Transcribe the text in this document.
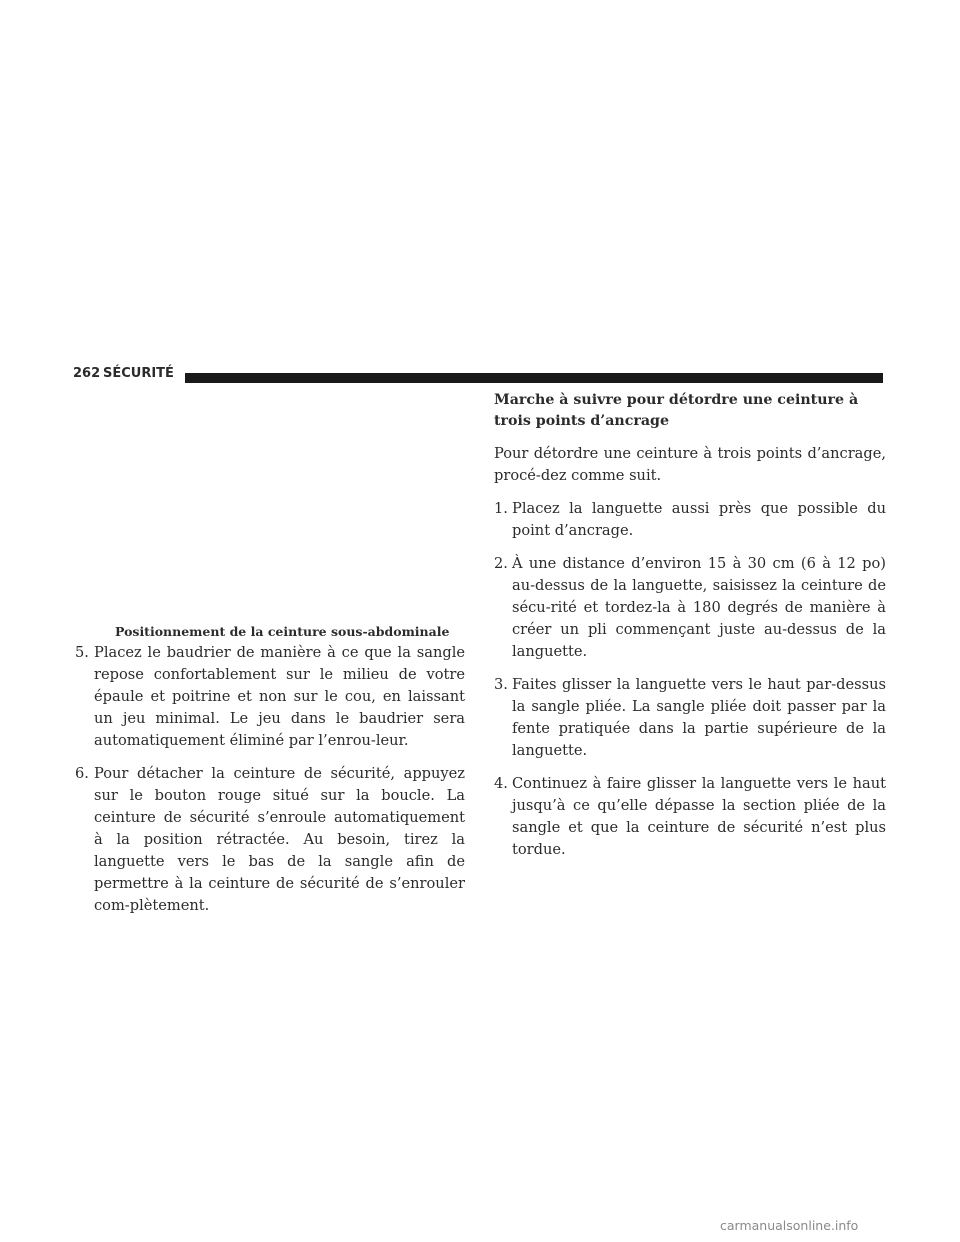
262 SÉCURITÉ
Positionnement de la ceinture sous-abdominale
5. Placez le baudrier de manière à ce que la sangle repose confortablement sur le milieu de votre épaule et poitrine et non sur le cou, en laissant un jeu minimal. Le jeu dans le baudrier sera automatiquement éliminé par l’enrou-leur.
6. Pour détacher la ceinture de sécurité, appuyez sur le bouton rouge situé sur la boucle. La ceinture de sécurité s’enroule automatiquement à la position rétractée. Au besoin, tirez la languette vers le bas de la sangle afin de permettre à la ceinture de sécurité de s’enrouler com-plètement.
Marche à suivre pour détordre une ceinture à trois points d’ancrage

Pour détordre une ceinture à trois points d’ancrage, procé-dez comme suit.

1. Placez la languette aussi près que possible du point d’ancrage.
2. À une distance d’environ 15 à 30 cm (6 à 12 po) au-dessus de la languette, saisissez la ceinture de sécu-rité et tordez-la à 180 degrés de manière à créer un pli commençant juste au-dessus de la languette.
3. Faites glisser la languette vers le haut par-dessus la sangle pliée. La sangle pliée doit passer par la fente pratiquée dans la partie supérieure de la languette.
4. Continuez à faire glisser la languette vers le haut jusqu’à ce qu’elle dépasse la section pliée de la sangle et que la ceinture de sécurité n’est plus tordue.
carmanualsonline.info
